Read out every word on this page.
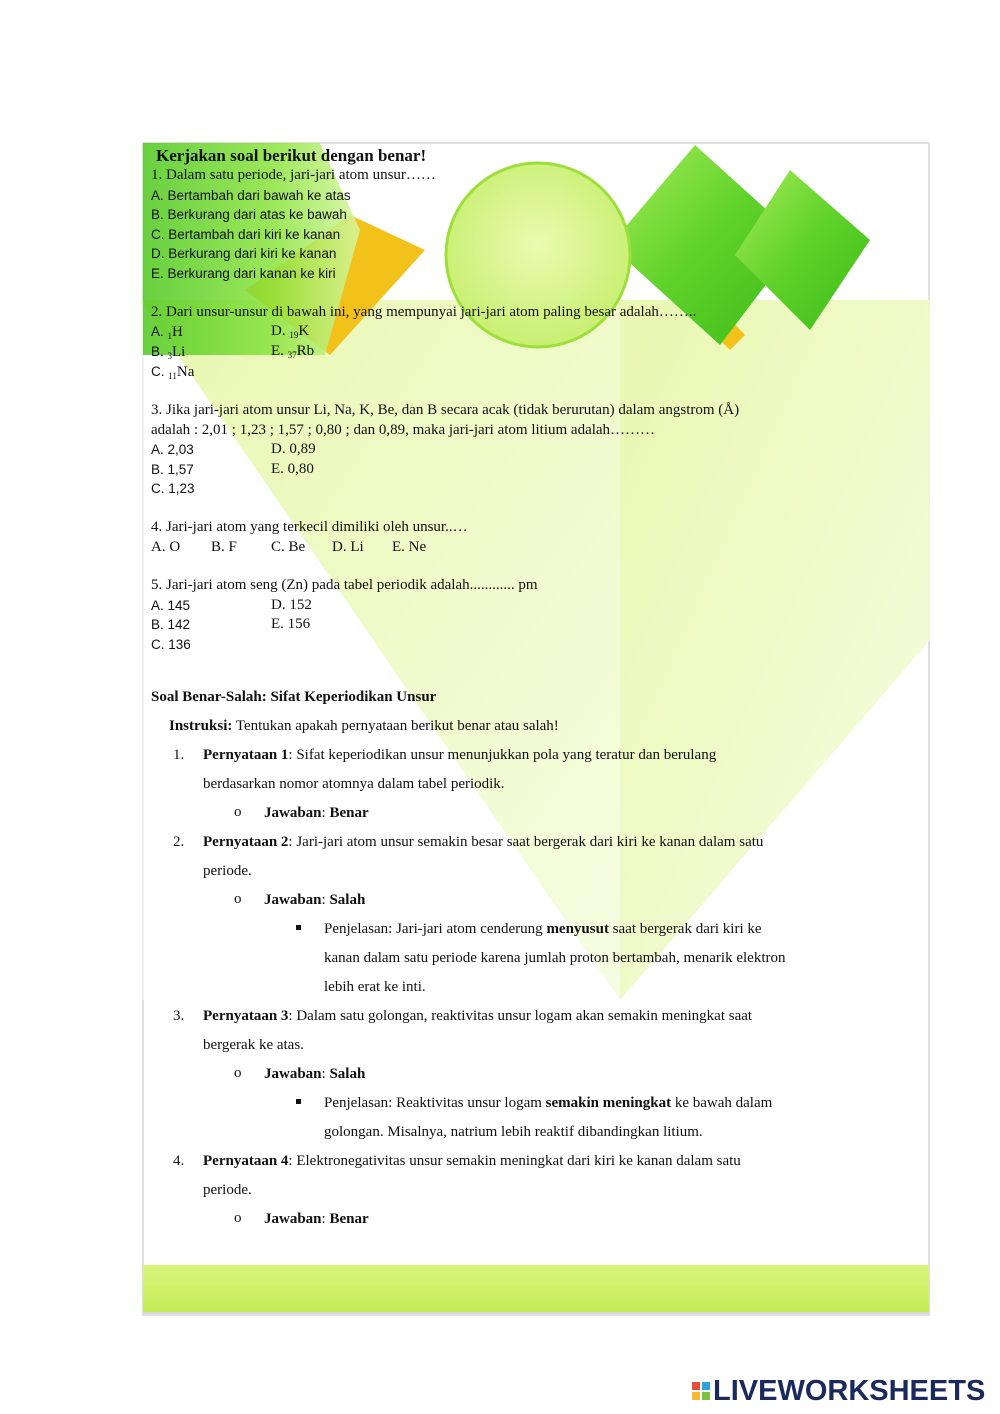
Kerjakan soal berikut dengan benar!
1. Dalam satu periode, jari-jari atom unsur……
A. Bertambah dari bawah ke atas
B. Berkurang dari atas ke bawah
C. Bertambah dari kiri ke kanan
D. Berkurang dari kiri ke kanan
E. Berkurang dari kanan ke kiri
2. Dari unsur-unsur di bawah ini, yang mempunyai jari-jari atom paling besar adalah……..
A. $_1$H	D. $_{19}$K
B. $_3$Li	E. $_{37}$Rb
C. $_{11}$Na
3. Jika jari-jari atom unsur Li, Na, K, Be, dan B secara acak (tidak berurutan) dalam angstrom (Å)
adalah : 2,01 ; 1,23 ; 1,57 ; 0,80 ; dan 0,89, maka jari-jari atom litium adalah………
A. 2,03	D. 0,89
B. 1,57	E. 0,80
C. 1,23
4. Jari-jari atom yang terkecil dimiliki oleh unsur..…
A. O B. F C. Be D. Li E. Ne
5. Jari-jari atom seng (Zn) pada tabel periodik adalah............ pm
A. 145	D. 152
B. 142	E. 156
C. 136
Soal Benar-Salah: Sifat Keperiodikan Unsur
Instruksi: Tentukan apakah pernyataan berikut benar atau salah!
1. Pernyataan 1: Sifat keperiodikan unsur menunjukkan pola yang teratur dan berulang
berdasarkan nomor atomnya dalam tabel periodik.
o Jawaban: Benar
2. Pernyataan 2: Jari-jari atom unsur semakin besar saat bergerak dari kiri ke kanan dalam satu
periode.
o Jawaban: Salah
Penjelasan: Jari-jari atom cenderung menyusut saat bergerak dari kiri ke
kanan dalam satu periode karena jumlah proton bertambah, menarik elektron
lebih erat ke inti.
3. Pernyataan 3: Dalam satu golongan, reaktivitas unsur logam akan semakin meningkat saat
bergerak ke atas.
o Jawaban: Salah
Penjelasan: Reaktivitas unsur logam semakin meningkat ke bawah dalam
golongan. Misalnya, natrium lebih reaktif dibandingkan litium.
4. Pernyataan 4: Elektronegativitas unsur semakin meningkat dari kiri ke kanan dalam satu
periode.
o Jawaban: Benar
LIVEWORKSHEETS
